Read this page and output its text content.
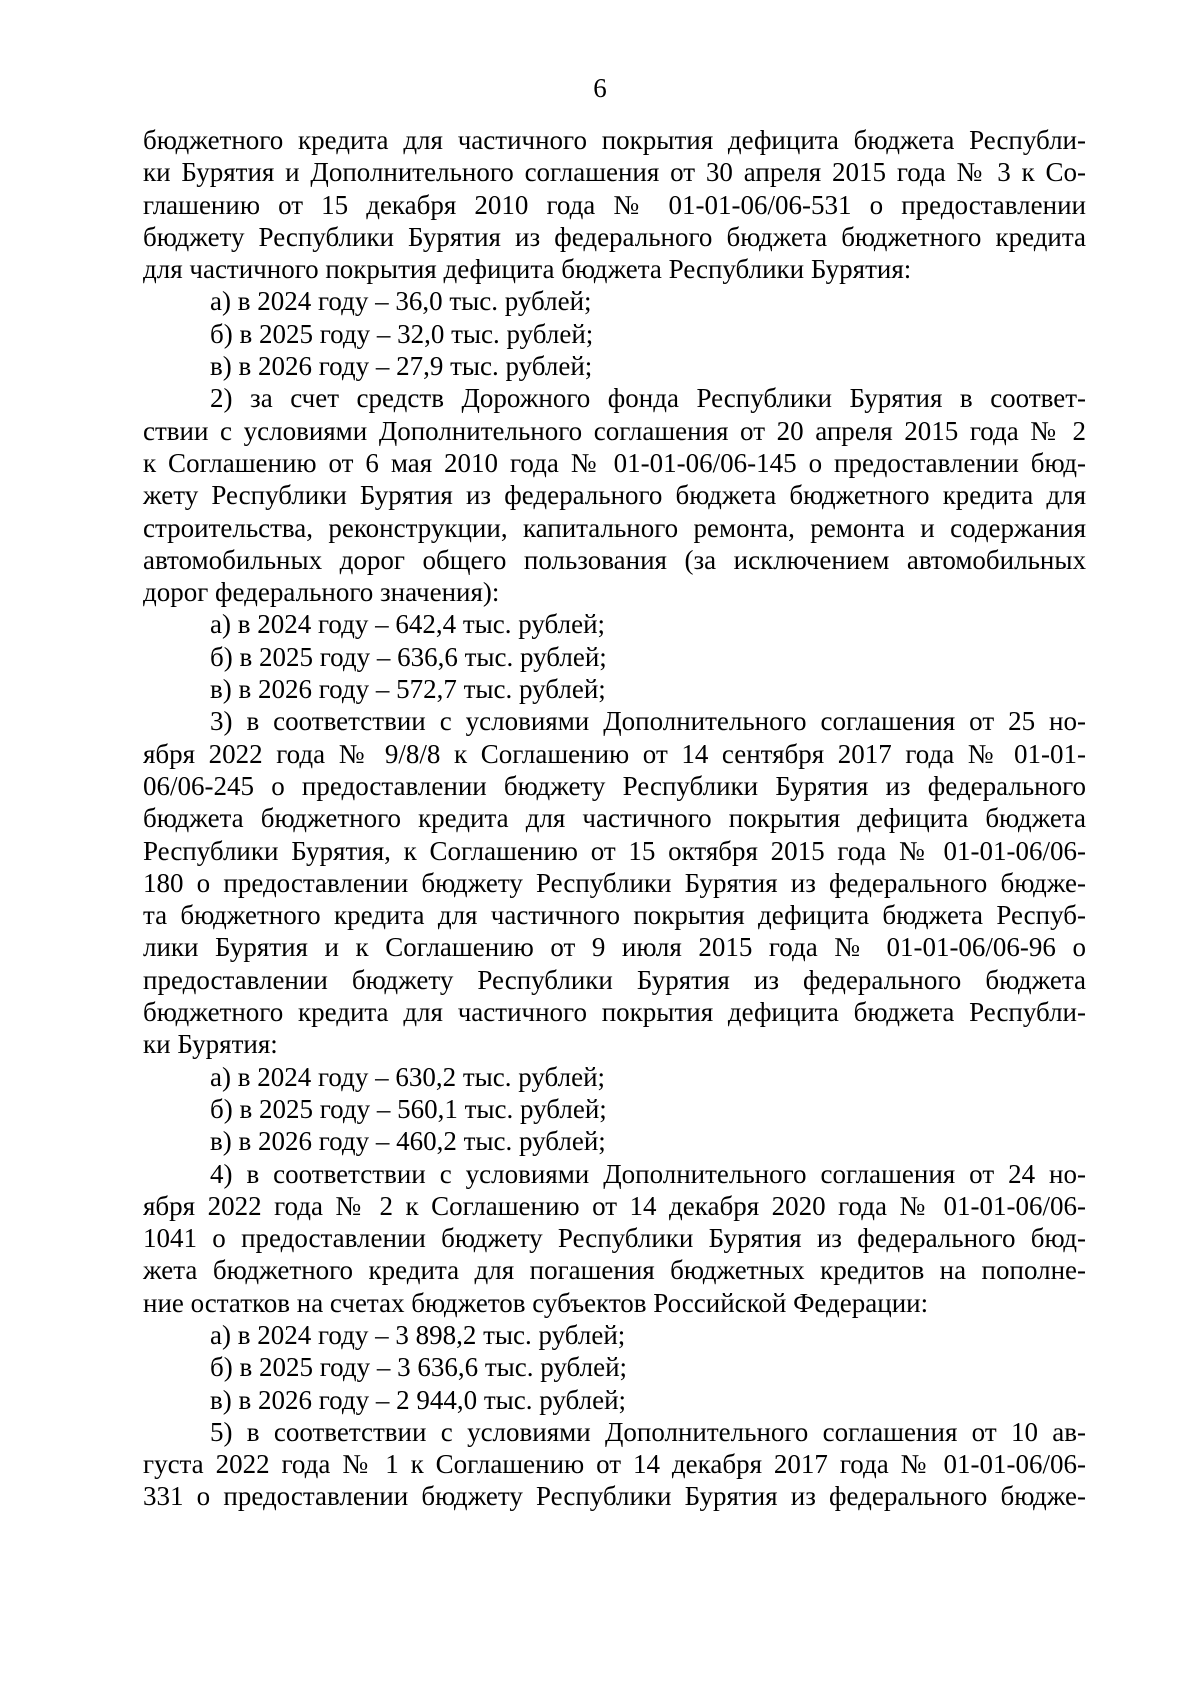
6
бюджетного кредита для частичного покрытия дефицита бюджета Республи-
ки Бурятия и Дополнительного соглашения от 30 апреля 2015 года № 3 к Со-
глашению от 15 декабря 2010 года № 01-01-06/06-531 о предоставлении
бюджету Республики Бурятия из федерального бюджета бюджетного кредита
для частичного покрытия дефицита бюджета Республики Бурятия:
а) в 2024 году – 36,0 тыс. рублей;
б) в 2025 году – 32,0 тыс. рублей;
в) в 2026 году – 27,9 тыс. рублей;
2) за счет средств Дорожного фонда Республики Бурятия в соответ-
ствии с условиями Дополнительного соглашения от 20 апреля 2015 года № 2
к Соглашению от 6 мая 2010 года № 01-01-06/06-145 о предоставлении бюд-
жету Республики Бурятия из федерального бюджета бюджетного кредита для
строительства, реконструкции, капитального ремонта, ремонта и содержания
автомобильных дорог общего пользования (за исключением автомобильных
дорог федерального значения):
а) в 2024 году – 642,4 тыс. рублей;
б) в 2025 году – 636,6 тыс. рублей;
в) в 2026 году – 572,7 тыс. рублей;
3) в соответствии с условиями Дополнительного соглашения от 25 но-
ября 2022 года № 9/8/8 к Соглашению от 14 сентября 2017 года № 01-01-
06/06-245 о предоставлении бюджету Республики Бурятия из федерального
бюджета бюджетного кредита для частичного покрытия дефицита бюджета
Республики Бурятия, к Соглашению от 15 октября 2015 года № 01-01-06/06-
180 о предоставлении бюджету Республики Бурятия из федерального бюдже-
та бюджетного кредита для частичного покрытия дефицита бюджета Респуб-
лики Бурятия и к Соглашению от 9 июля 2015 года № 01-01-06/06-96 о
предоставлении бюджету Республики Бурятия из федерального бюджета
бюджетного кредита для частичного покрытия дефицита бюджета Республи-
ки Бурятия:
а) в 2024 году – 630,2 тыс. рублей;
б) в 2025 году – 560,1 тыс. рублей;
в) в 2026 году – 460,2 тыс. рублей;
4) в соответствии с условиями Дополнительного соглашения от 24 но-
ября 2022 года № 2 к Соглашению от 14 декабря 2020 года № 01-01-06/06-
1041 о предоставлении бюджету Республики Бурятия из федерального бюд-
жета бюджетного кредита для погашения бюджетных кредитов на пополне-
ние остатков на счетах бюджетов субъектов Российской Федерации:
а) в 2024 году – 3 898,2 тыс. рублей;
б) в 2025 году – 3 636,6 тыс. рублей;
в) в 2026 году – 2 944,0 тыс. рублей;
5) в соответствии с условиями Дополнительного соглашения от 10 ав-
густа 2022 года № 1 к Соглашению от 14 декабря 2017 года № 01-01-06/06-
331 о предоставлении бюджету Республики Бурятия из федерального бюдже-
